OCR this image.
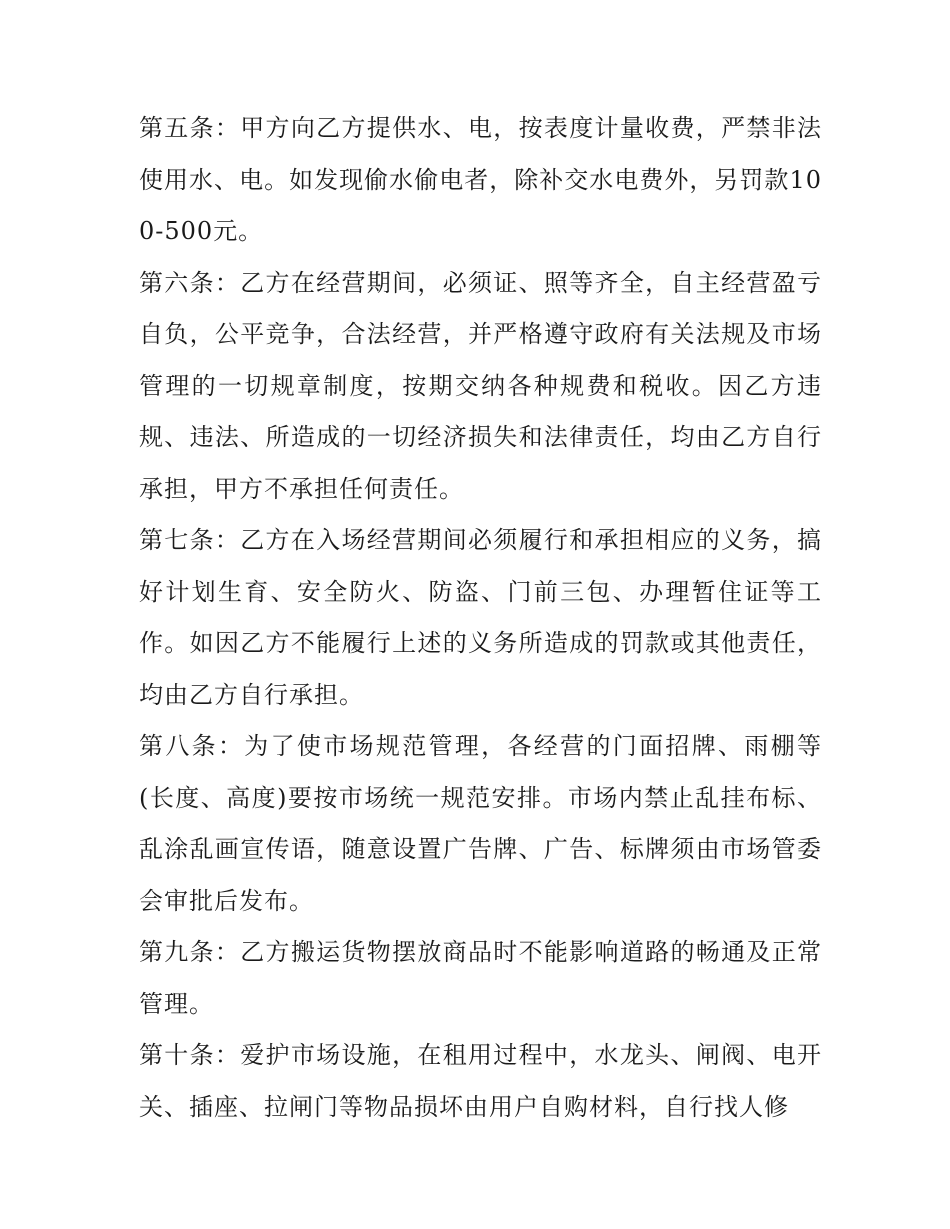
第五条：甲方向乙方提供水、电，按表度计量收费，严禁非法使用水、电。如发现偷水偷电者，除补交水电费外，另罚款100-500元。

第六条：乙方在经营期间，必须证、照等齐全，自主经营盈亏自负，公平竞争，合法经营，并严格遵守政府有关法规及市场管理的一切规章制度，按期交纳各种规费和税收。因乙方违规、违法、所造成的一切经济损失和法律责任，均由乙方自行承担，甲方不承担任何责任。

第七条：乙方在入场经营期间必须履行和承担相应的义务，搞好计划生育、安全防火、防盗、门前三包、办理暂住证等工作。如因乙方不能履行上述的义务所造成的罚款或其他责任，均由乙方自行承担。

第八条：为了使市场规范管理，各经营的门面招牌、雨棚等(长度、高度)要按市场统一规范安排。市场内禁止乱挂布标、乱涂乱画宣传语，随意设置广告牌、广告、标牌须由市场管委会审批后发布。

第九条：乙方搬运货物摆放商品时不能影响道路的畅通及正常管理。

第十条：爱护市场设施，在租用过程中，水龙头、闸阀、电开关、插座、拉闸门等物品损坏由用户自购材料，自行找人修
